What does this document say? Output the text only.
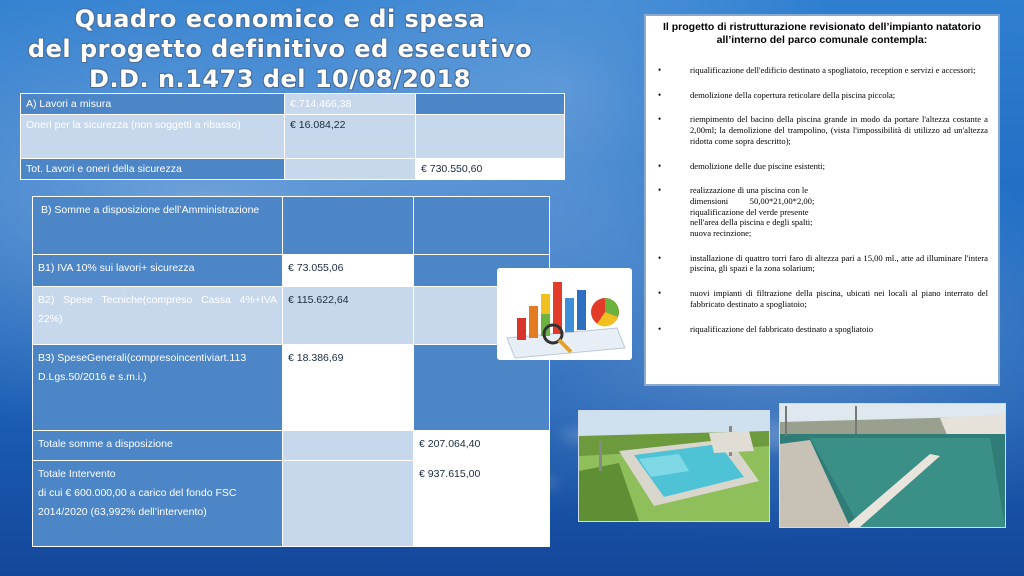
Quadro economico e di spesa
del progetto definitivo ed esecutivo
D.D. n.1473 del 10/08/2018
A) Lavori a misura	€.714.466,38	
Oneri per la sicurezza (non soggetti a ribasso)	€ 16.084,22	
Tot. Lavori e oneri della sicurezza		€ 730.550,60
B) Somme a disposizione dell’Amministrazione		
B1) IVA 10% sui lavori+ sicurezza	€ 73.055,06	
B2) Spese Tecniche(compreso Cassa 4%+IVA 22%)	€ 115.622,64	
B3) SpeseGenerali(compresoincentiviart.113 D.Lgs.50/2016 e s.m.i.)	€ 18.386,69	
Totale somme a disposizione		€ 207.064,40
Totale Intervento
di cui € 600.000,00 a carico del fondo FSC 2014/2020 (63,992% dell’intervento)		€ 937.615,00
Il progetto di ristrutturazione revisionato dell’impianto natatorio all’interno del parco comunale contempla:
• riqualificazione dell'edificio destinato a spogliatoio, reception e servizi e accessori;
• demolizione della copertura reticolare della piscina piccola;
• riempimento del bacino della piscina grande in modo da portare l'altezza costante a 2,00ml; la demolizione del trampolino, (vista l'impossibilità di utilizzo ad un'altezza ridotta come sopra descritto);
• demolizione delle due piscine esistenti;
• realizzazione di una piscina con le
dimensioni          50,00*21,00*2,00;
riqualificazione del verde presente
nell'area della piscina e degli spalti;
nuova recinzione;
• installazione di quattro torri faro di altezza pari a 15,00 ml., atte ad illuminare l'intera piscina, gli spazi e la zona solarium;
• nuovi impianti di filtrazione della piscina, ubicati nei locali al piano interrato del fabbricato destinato a spogliatoio;
• riqualificazione del fabbricato destinato a spogliatoio
